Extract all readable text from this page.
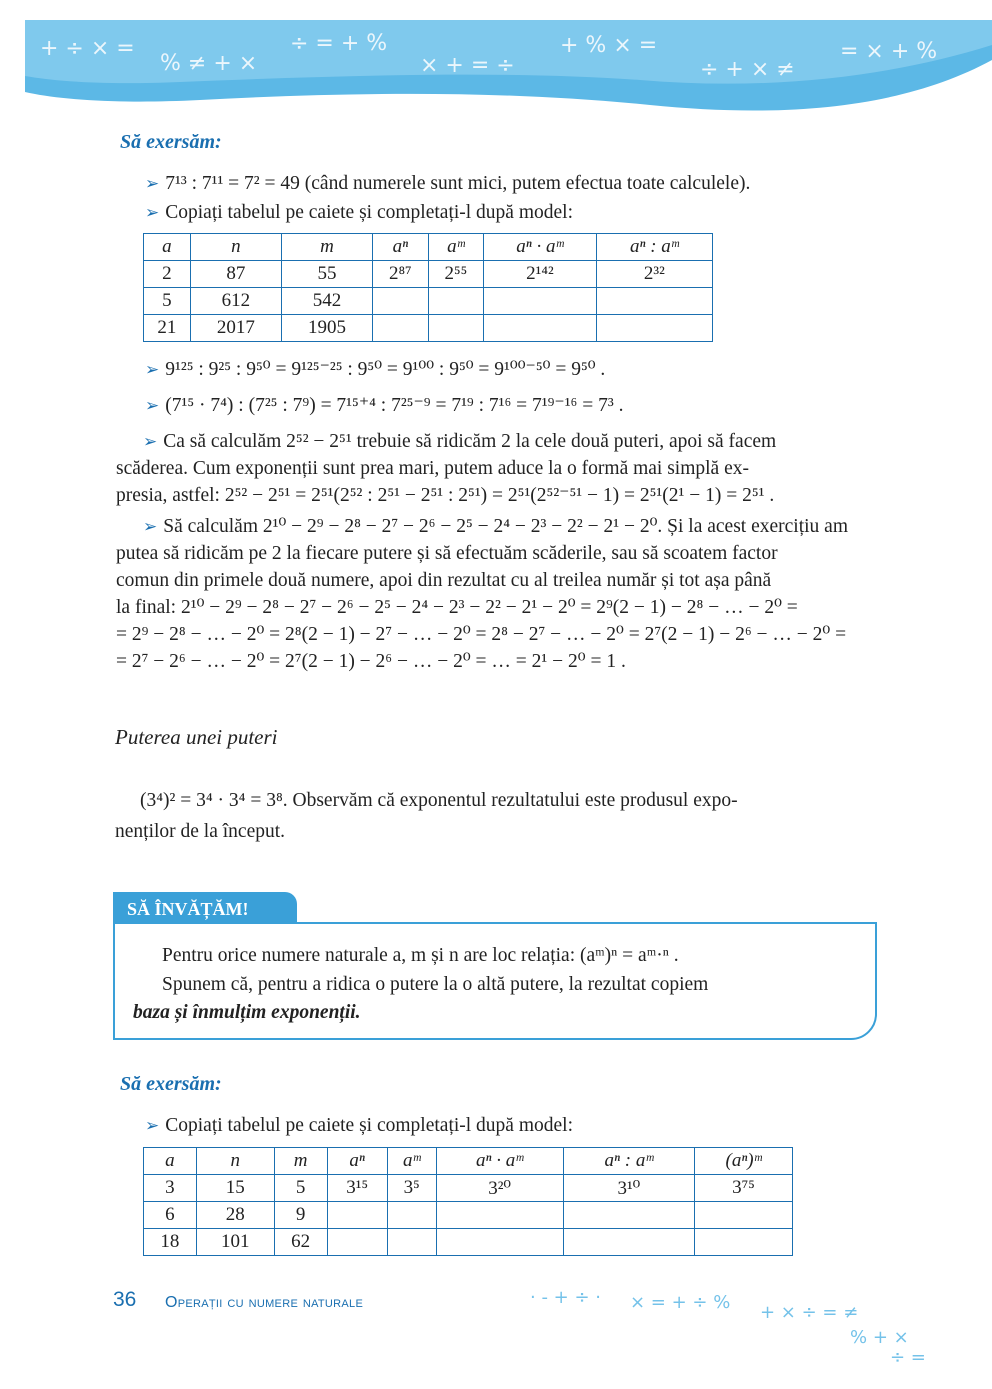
+ ÷ × =
% ≠ + ×
÷ = + %
× + = ÷
+ % × =
÷ + × ≠
= × + %
Să exersăm:
➢ 7¹³ : 7¹¹ = 7² = 49 (când numerele sunt mici, putem efectua toate calculele).
➢ Copiați tabelul pe caiete și completați-l după model:
a	n	m	aⁿ	aᵐ	aⁿ · aᵐ	aⁿ : aᵐ
2	87	55	2⁸⁷	2⁵⁵	2¹⁴²	2³²
5	612	542				
21	2017	1905				
➢ 9¹²⁵ : 9²⁵ : 9⁵⁰ = 9¹²⁵⁻²⁵ : 9⁵⁰ = 9¹⁰⁰ : 9⁵⁰ = 9¹⁰⁰⁻⁵⁰ = 9⁵⁰ .
➢ (7¹⁵ · 7⁴) : (7²⁵ : 7⁹) = 7¹⁵⁺⁴ : 7²⁵⁻⁹ = 7¹⁹ : 7¹⁶ = 7¹⁹⁻¹⁶ = 7³ .
➢ Ca să calculăm 2⁵² − 2⁵¹ trebuie să ridicăm 2 la cele două puteri, apoi să facem
scăderea. Cum exponenții sunt prea mari, putem aduce la o formă mai simplă ex-
presia, astfel: 2⁵² − 2⁵¹ = 2⁵¹(2⁵² : 2⁵¹ − 2⁵¹ : 2⁵¹) = 2⁵¹(2⁵²⁻⁵¹ − 1) = 2⁵¹(2¹ − 1) = 2⁵¹ .
➢ Să calculăm 2¹⁰ − 2⁹ − 2⁸ − 2⁷ − 2⁶ − 2⁵ − 2⁴ − 2³ − 2² − 2¹ − 2⁰. Și la acest exercițiu am
putea să ridicăm pe 2 la fiecare putere și să efectuăm scăderile, sau să scoatem factor
comun din primele două numere, apoi din rezultat cu al treilea număr și tot așa până
la final: 2¹⁰ − 2⁹ − 2⁸ − 2⁷ − 2⁶ − 2⁵ − 2⁴ − 2³ − 2² − 2¹ − 2⁰ = 2⁹(2 − 1) − 2⁸ − … − 2⁰ =
= 2⁹ − 2⁸ − … − 2⁰ = 2⁸(2 − 1) − 2⁷ − … − 2⁰ = 2⁸ − 2⁷ − … − 2⁰ = 2⁷(2 − 1) − 2⁶ − … − 2⁰ =
= 2⁷ − 2⁶ − … − 2⁰ = 2⁷(2 − 1) − 2⁶ − … − 2⁰ = … = 2¹ − 2⁰ = 1 .
Puterea unei puteri
(3⁴)² = 3⁴ · 3⁴ = 3⁸. Observăm că exponentul rezultatului este produsul expo-
nenților de la început.
SĂ ÎNVĂȚĂM!
Pentru orice numere naturale a, m și n are loc relația: (aᵐ)ⁿ = aᵐ·ⁿ .
Spunem că, pentru a ridica o putere la o altă putere, la rezultat copiem
baza și înmulțim exponenții.
Să exersăm:
➢ Copiați tabelul pe caiete și completați-l după model:
a	n	m	aⁿ	aᵐ	aⁿ · aᵐ	aⁿ : aᵐ	(aⁿ)ᵐ
3	15	5	3¹⁵	3⁵	3²⁰	3¹⁰	3⁷⁵
6	28	9					
18	101	62					
36 Operații cu numere naturale	· - + ÷ · × = + ÷ % + × ÷ = ≠
% + ×
÷ =
